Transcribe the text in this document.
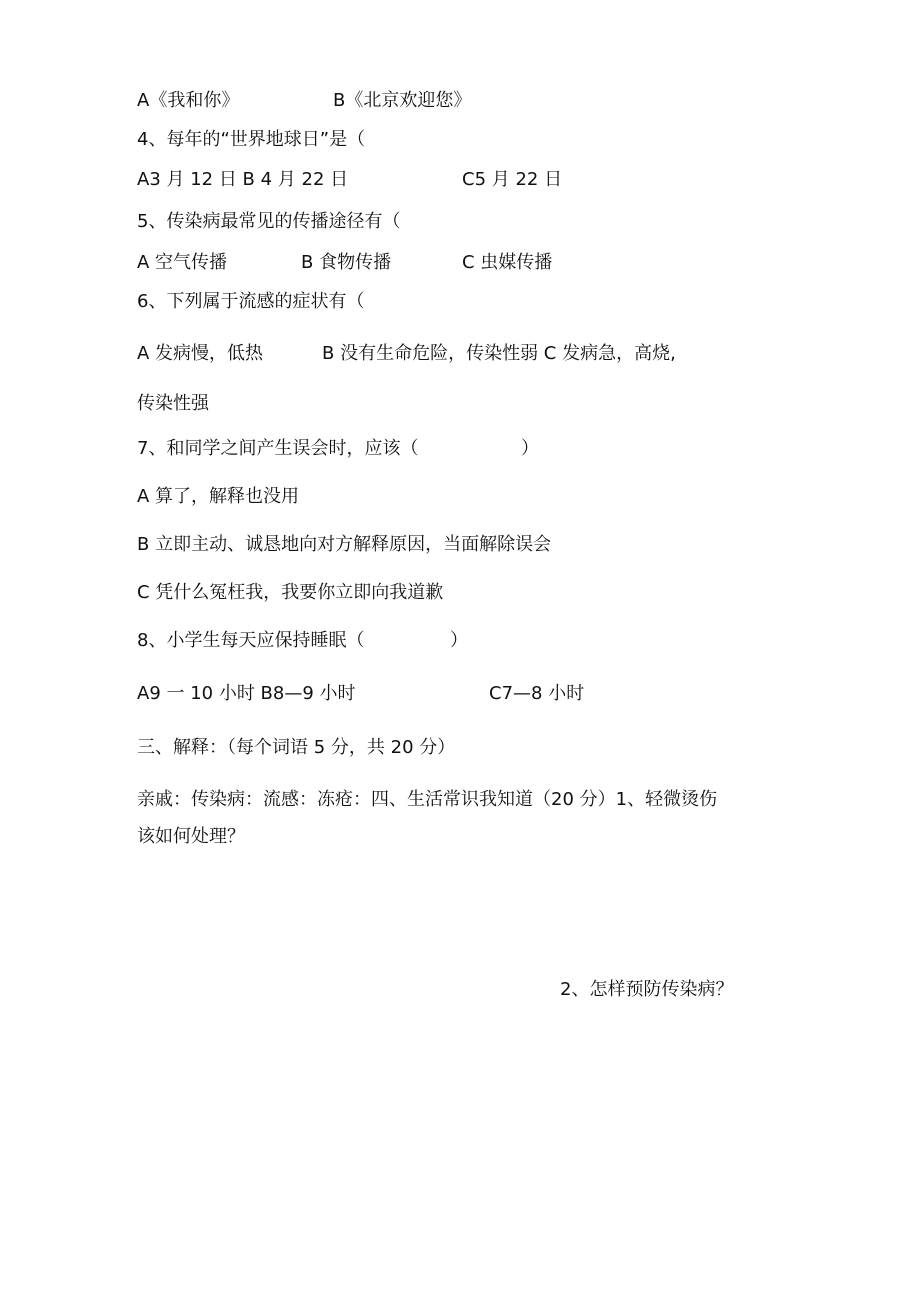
A《我和你》	B《北京欢迎您》
4、每年的“世界地球日”是（
A3 月 12 日 B 4 月 22 日	C5 月 22 日
5、传染病最常见的传播途径有（
A 空气传播	B 食物传播	C 虫媒传播
6、下列属于流感的症状有（
A 发病慢，低热	B 没有生命危险，传染性弱 C 发病急，高烧,
传染性强
7、和同学之间产生误会时，应该（	）
A 算了，解释也没用
B 立即主动、诚恳地向对方解释原因，当面解除误会
C 凭什么冤枉我，我要你立即向我道歉
8、小学生每天应保持睡眠（	）
A9 一 10 小时 B8—9 小时	C7—8 小时
三、解释：（每个词语 5 分，共 20 分）
亲戚：传染病：流感：冻疮：四、生活常识我知道（20 分）1、轻微烫伤
该如何处理？
2、怎样预防传染病？
